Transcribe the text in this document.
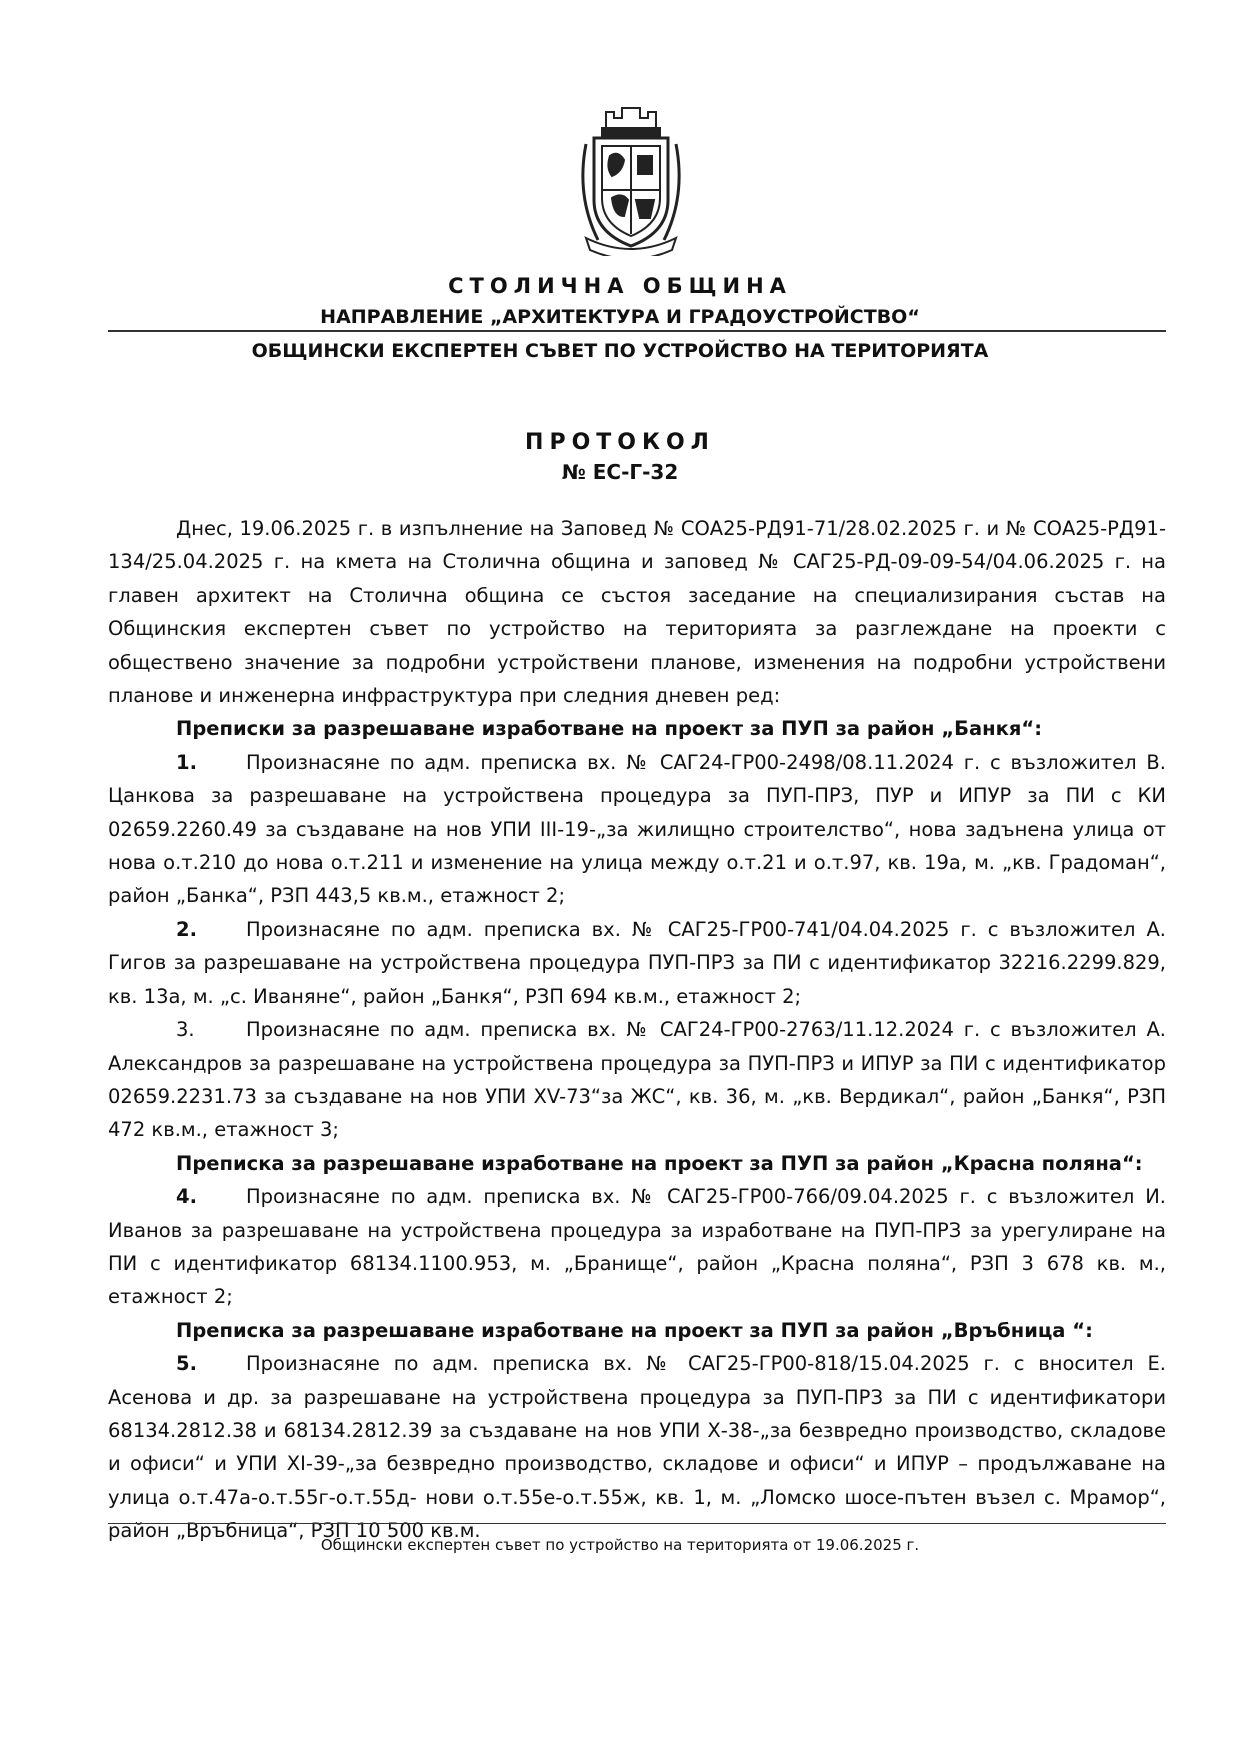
СТОЛИЧНА ОБЩИНА
НАПРАВЛЕНИЕ „АРХИТЕКТУРА И ГРАДОУСТРОЙСТВО“
ОБЩИНСКИ ЕКСПЕРТЕН СЪВЕТ ПО УСТРОЙСТВО НА ТЕРИТОРИЯТА
ПРОТОКОЛ
№ ЕС-Г-32

Днес, 19.06.2025 г. в изпълнение на Заповед № СОА25-РД91-71/28.02.2025 г. и № СОА25-РД91-134/25.04.2025 г. на кмета на Столична община и заповед № САГ25-РД-09-09-54/04.06.2025 г. на главен архитект на Столична община се състоя заседание на специализирания състав на Общинския експертен съвет по устройство на територията за разглеждане на проекти с обществено значение за подробни устройствени планове, изменения на подробни устройствени планове и инженерна инфраструктура при следния дневен ред:

Преписки за разрешаване изработване на проект за ПУП за район „Банкя“:

1.	Произнасяне по адм. преписка вх. № САГ24-ГР00-2498/08.11.2024 г. с възложител В. Цанкова за разрешаване на устройствена процедура за ПУП-ПРЗ, ПУР и ИПУР за ПИ с КИ 02659.2260.49 за създаване на нов УПИ III-19-„за жилищно строителство“, нова задънена улица от нова о.т.210 до нова о.т.211 и изменение на улица между о.т.21 и о.т.97, кв. 19а, м. „кв. Градоман“, район „Банка“, РЗП 443,5 кв.м., етажност 2;

2.	Произнасяне по адм. преписка вх. № САГ25-ГР00-741/04.04.2025 г. с възложител А. Гигов за разрешаване на устройствена процедура ПУП-ПРЗ за ПИ с идентификатор 32216.2299.829, кв. 13а, м. „с. Иваняне“, район „Банкя“, РЗП 694 кв.м., етажност 2;

3.	Произнасяне по адм. преписка вх. № САГ24-ГР00-2763/11.12.2024 г. с възложител А. Александров за разрешаване на устройствена процедура за ПУП-ПРЗ и ИПУР за ПИ с идентификатор 02659.2231.73 за създаване на нов УПИ XV-73“за ЖС“, кв. 36, м. „кв. Вердикал“, район „Банкя“, РЗП 472 кв.м., етажност 3;

Преписка за разрешаване изработване на проект за ПУП за район „Красна поляна“:

4.	Произнасяне по адм. преписка вх. № САГ25-ГР00-766/09.04.2025 г. с възложител И. Иванов за разрешаване на устройствена процедура за изработване на ПУП-ПРЗ за урегулиране на ПИ с идентификатор 68134.1100.953, м. „Бранище“, район „Красна поляна“, РЗП 3 678 кв. м., етажност 2;

Преписка за разрешаване изработване на проект за ПУП за район „Връбница “:

5.	Произнасяне по адм. преписка вх. № САГ25-ГР00-818/15.04.2025 г. с вносител Е. Асенова и др. за разрешаване на устройствена процедура за ПУП-ПРЗ за ПИ с идентификатори 68134.2812.38 и 68134.2812.39 за създаване на нов УПИ Х-38-„за безвредно производство, складове и офиси“ и УПИ XI-39-„за безвредно производство, складове и офиси“ и ИПУР – продължаване на улица о.т.47а-о.т.55г-о.т.55д- нови о.т.55е-о.т.55ж, кв. 1, м. „Ломско шосе-пътен възел с. Мрамор“, район „Връбница“, РЗП 10 500 кв.м.

Общински експертен съвет по устройство на територията от 19.06.2025 г.
